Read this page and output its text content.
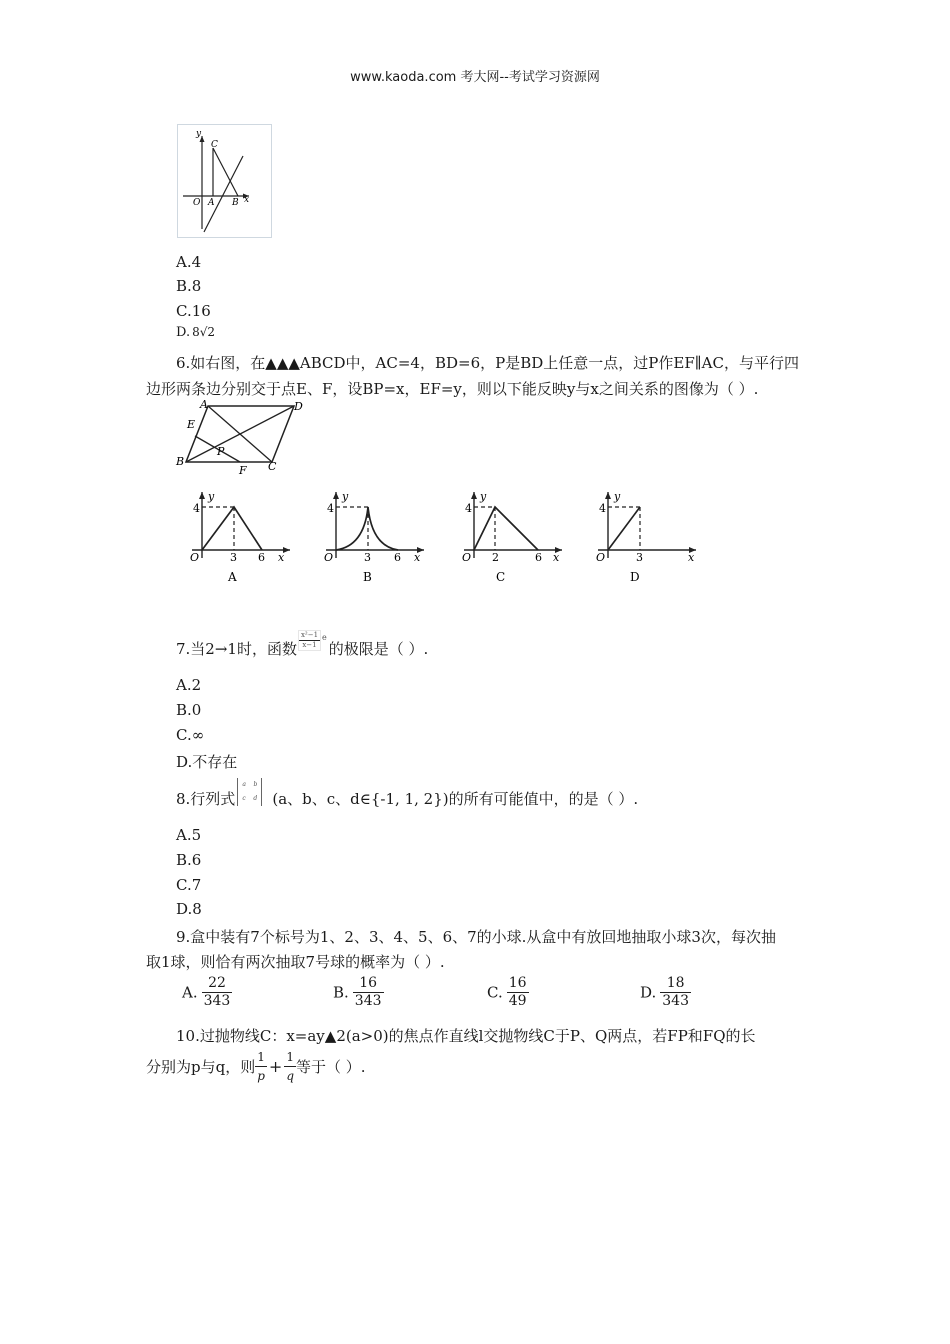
www.kaoda.com 考大网--考试学习资源网
y
x
O A B
C
A.4
B.8
C.16
D. 8√2
6.如右图，在▲▲▲ABCD中，AC=4，BD=6，P是BD上任意一点，过P作EF∥AC，与平行四
边形两条边分别交于点E、F，设BP=x，EF=y，则以下能反映y与x之间关系的图像为（ ）.
A	D
E
P
B
F C
y
4
O	3 6 x
A
y
4
O	3 6 x
B
y
4
O 2	6 x
C
y
4
O	3	x
D
7.当2→1时，函数 $\frac{\text{x²−1}}{x-1} ^e$的极限是（ ）.
A.2
B.0
C.∞
D.不存在
8.行列式a b
c d (a、b、c、d∈{-1, 1, 2})的所有可能值中，的是（ ）.
A.5
B.6
C.7
D.8
9.盒中装有7个标号为1、2、3、4、5、6、7的小球.从盒中有放回地抽取小球3次，每次抽
取1球，则恰有两次抽取7号球的概率为（ ）.
A. $\frac{22}{343}$	B. $\frac{16}{343}$	C. $\frac{16}{49}$	D. $\frac{18}{343}$
10.过抛物线C：x=ay▲2(a>0)的焦点作直线l交抛物线C于P、Q两点，若FP和FQ的长
分别为p与q，则 $\frac{1}{p} + \frac{1}{q}$ 等于（ ）.
